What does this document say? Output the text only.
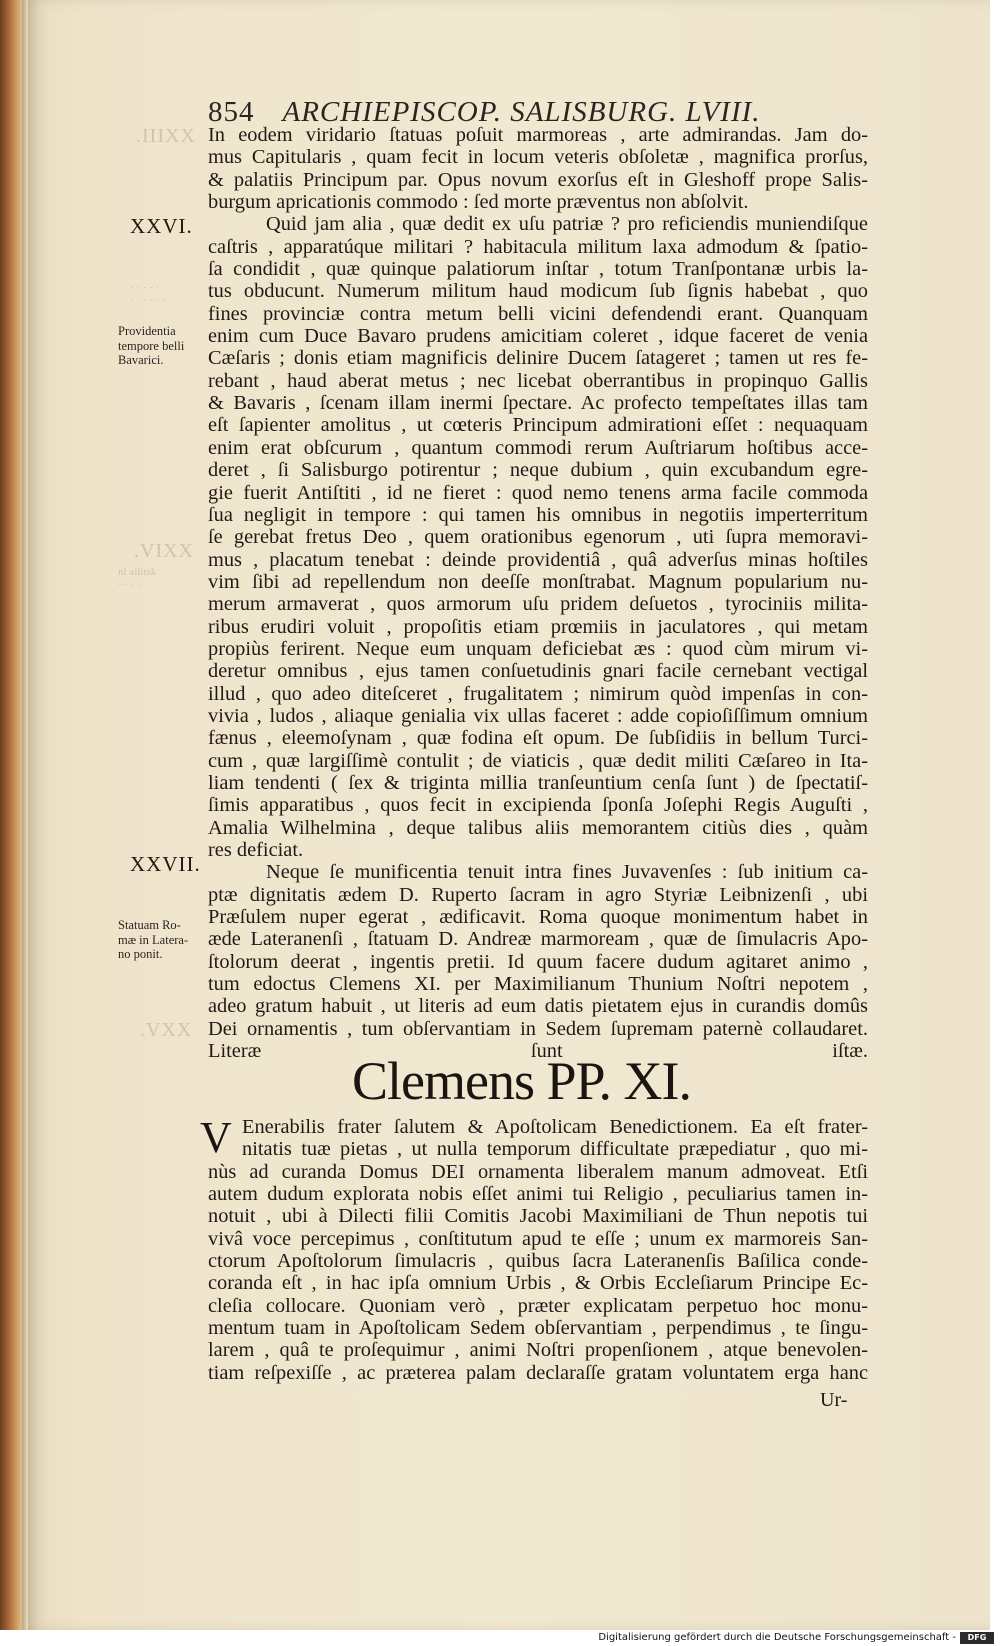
.IIIXX
· · · · ·
· · · · · ·
.VIXX
ni ailitsk
· · · ·
.VXX
854 ARCHIEPISCOP. SALISBURG. LVIII.
XXVI.
XXVII.
Providentia
tempore belli
Bavarici.
Statuam Ro-
mæ in Latera-
no ponit.
In eodem viridario ſtatuas poſuit marmoreas , arte admirandas. Jam do-
mus Capitularis , quam fecit in locum veteris obſoletæ , magnifica prorſus,
& palatiis Principum par. Opus novum exorſus eſt in Gleshoff prope Salis-
burgum apricationis commodo : ſed morte præventus non abſolvit.
Quid jam alia , quæ dedit ex uſu patriæ ? pro reficiendis muniendiſque
caſtris , apparatúque militari ? habitacula militum laxa admodum & ſpatio-
ſa condidit , quæ quinque palatiorum inſtar , totum Tranſpontanæ urbis la-
tus obducunt. Numerum militum haud modicum ſub ſignis habebat , quo
fines provinciæ contra metum belli vicini defendendi erant. Quanquam
enim cum Duce Bavaro prudens amicitiam coleret , idque faceret de venia
Cæſaris ; donis etiam magnificis delinire Ducem ſatageret ; tamen ut res fe-
rebant , haud aberat metus ; nec licebat oberrantibus in propinquo Gallis
& Bavaris , ſcenam illam inermi ſpectare. Ac profecto tempeſtates illas tam
eſt ſapienter amolitus , ut cœteris Principum admirationi eſſet : nequaquam
enim erat obſcurum , quantum commodi rerum Auſtriarum hoſtibus acce-
deret , ſi Salisburgo potirentur ; neque dubium , quin excubandum egre-
gie fuerit Antiſtiti , id ne fieret : quod nemo tenens arma facile commoda
ſua negligit in tempore : qui tamen his omnibus in negotiis imperterritum
ſe gerebat fretus Deo , quem orationibus egenorum , uti ſupra memoravi-
mus , placatum tenebat : deinde providentiâ , quâ adverſus minas hoſtiles
vim ſibi ad repellendum non deeſſe monſtrabat. Magnum popularium nu-
merum armaverat , quos armorum uſu pridem deſuetos , tyrociniis milita-
ribus erudiri voluit , propoſitis etiam prœmiis in jaculatores , qui metam
propiùs ferirent. Neque eum unquam deficiebat æs : quod cùm mirum vi-
deretur omnibus , ejus tamen conſuetudinis gnari facile cernebant vectigal
illud , quo adeo diteſceret , frugalitatem ; nimirum quòd impenſas in con-
vivia , ludos , aliaque genialia vix ullas faceret : adde copioſiſſimum omnium
fænus , eleemoſynam , quæ fodina eſt opum. De ſubſidiis in bellum Turci-
cum , quæ largiſſimè contulit ; de viaticis , quæ dedit militi Cæſareo in Ita-
liam tendenti ( ſex & triginta millia tranſeuntium cenſa ſunt ) de ſpectatiſ-
ſimis apparatibus , quos fecit in excipienda ſponſa Joſephi Regis Auguſti ,
Amalia Wilhelmina , deque talibus aliis memorantem citiùs dies , quàm
res deficiat.
Neque ſe munificentia tenuit intra fines Juvavenſes : ſub initium ca-
ptæ dignitatis ædem D. Ruperto ſacram in agro Styriæ Leibnizenſi , ubi
Præſulem nuper egerat , ædificavit. Roma quoque monimentum habet in
æde Lateranenſi , ſtatuam D. Andreæ marmoream , quæ de ſimulacris Apo-
ſtolorum deerat , ingentis pretii. Id quum facere dudum agitaret animo ,
tum edoctus Clemens XI. per Maximilianum Thunium Noſtri nepotem ,
adeo gratum habuit , ut literis ad eum datis pietatem ejus in curandis domûs
Dei ornamentis , tum obſervantiam in Sedem ſupremam paternè collaudaret.
Literæ ſunt iſtæ.
Clemens PP. XI.
V Enerabilis frater ſalutem & Apoſtolicam Benedictionem. Ea eſt frater-
nitatis tuæ pietas , ut nulla temporum difficultate præpediatur , quo mi-
nùs ad curanda Domus DEI ornamenta liberalem manum admoveat. Etſi
autem dudum explorata nobis eſſet animi tui Religio , peculiarius tamen in-
notuit , ubi à Dilecti filii Comitis Jacobi Maximiliani de Thun nepotis tui
vivâ voce percepimus , conſtitutum apud te eſſe ; unum ex marmoreis San-
ctorum Apoſtolorum ſimulacris , quibus ſacra Lateranenſis Baſilica conde-
coranda eſt , in hac ipſa omnium Urbis , & Orbis Eccleſiarum Principe Ec-
cleſia collocare. Quoniam verò , præter explicatam perpetuo hoc monu-
mentum tuam in Apoſtolicam Sedem obſervantiam , perpendimus , te ſingu-
larem , quâ te proſequimur , animi Noſtri propenſionem , atque benevolen-
tiam reſpexiſſe , ac præterea palam declaraſſe gratam voluntatem erga hanc
Ur-
Digitalisierung gefördert durch die Deutsche Forschungsgemeinschaft -	DFG
